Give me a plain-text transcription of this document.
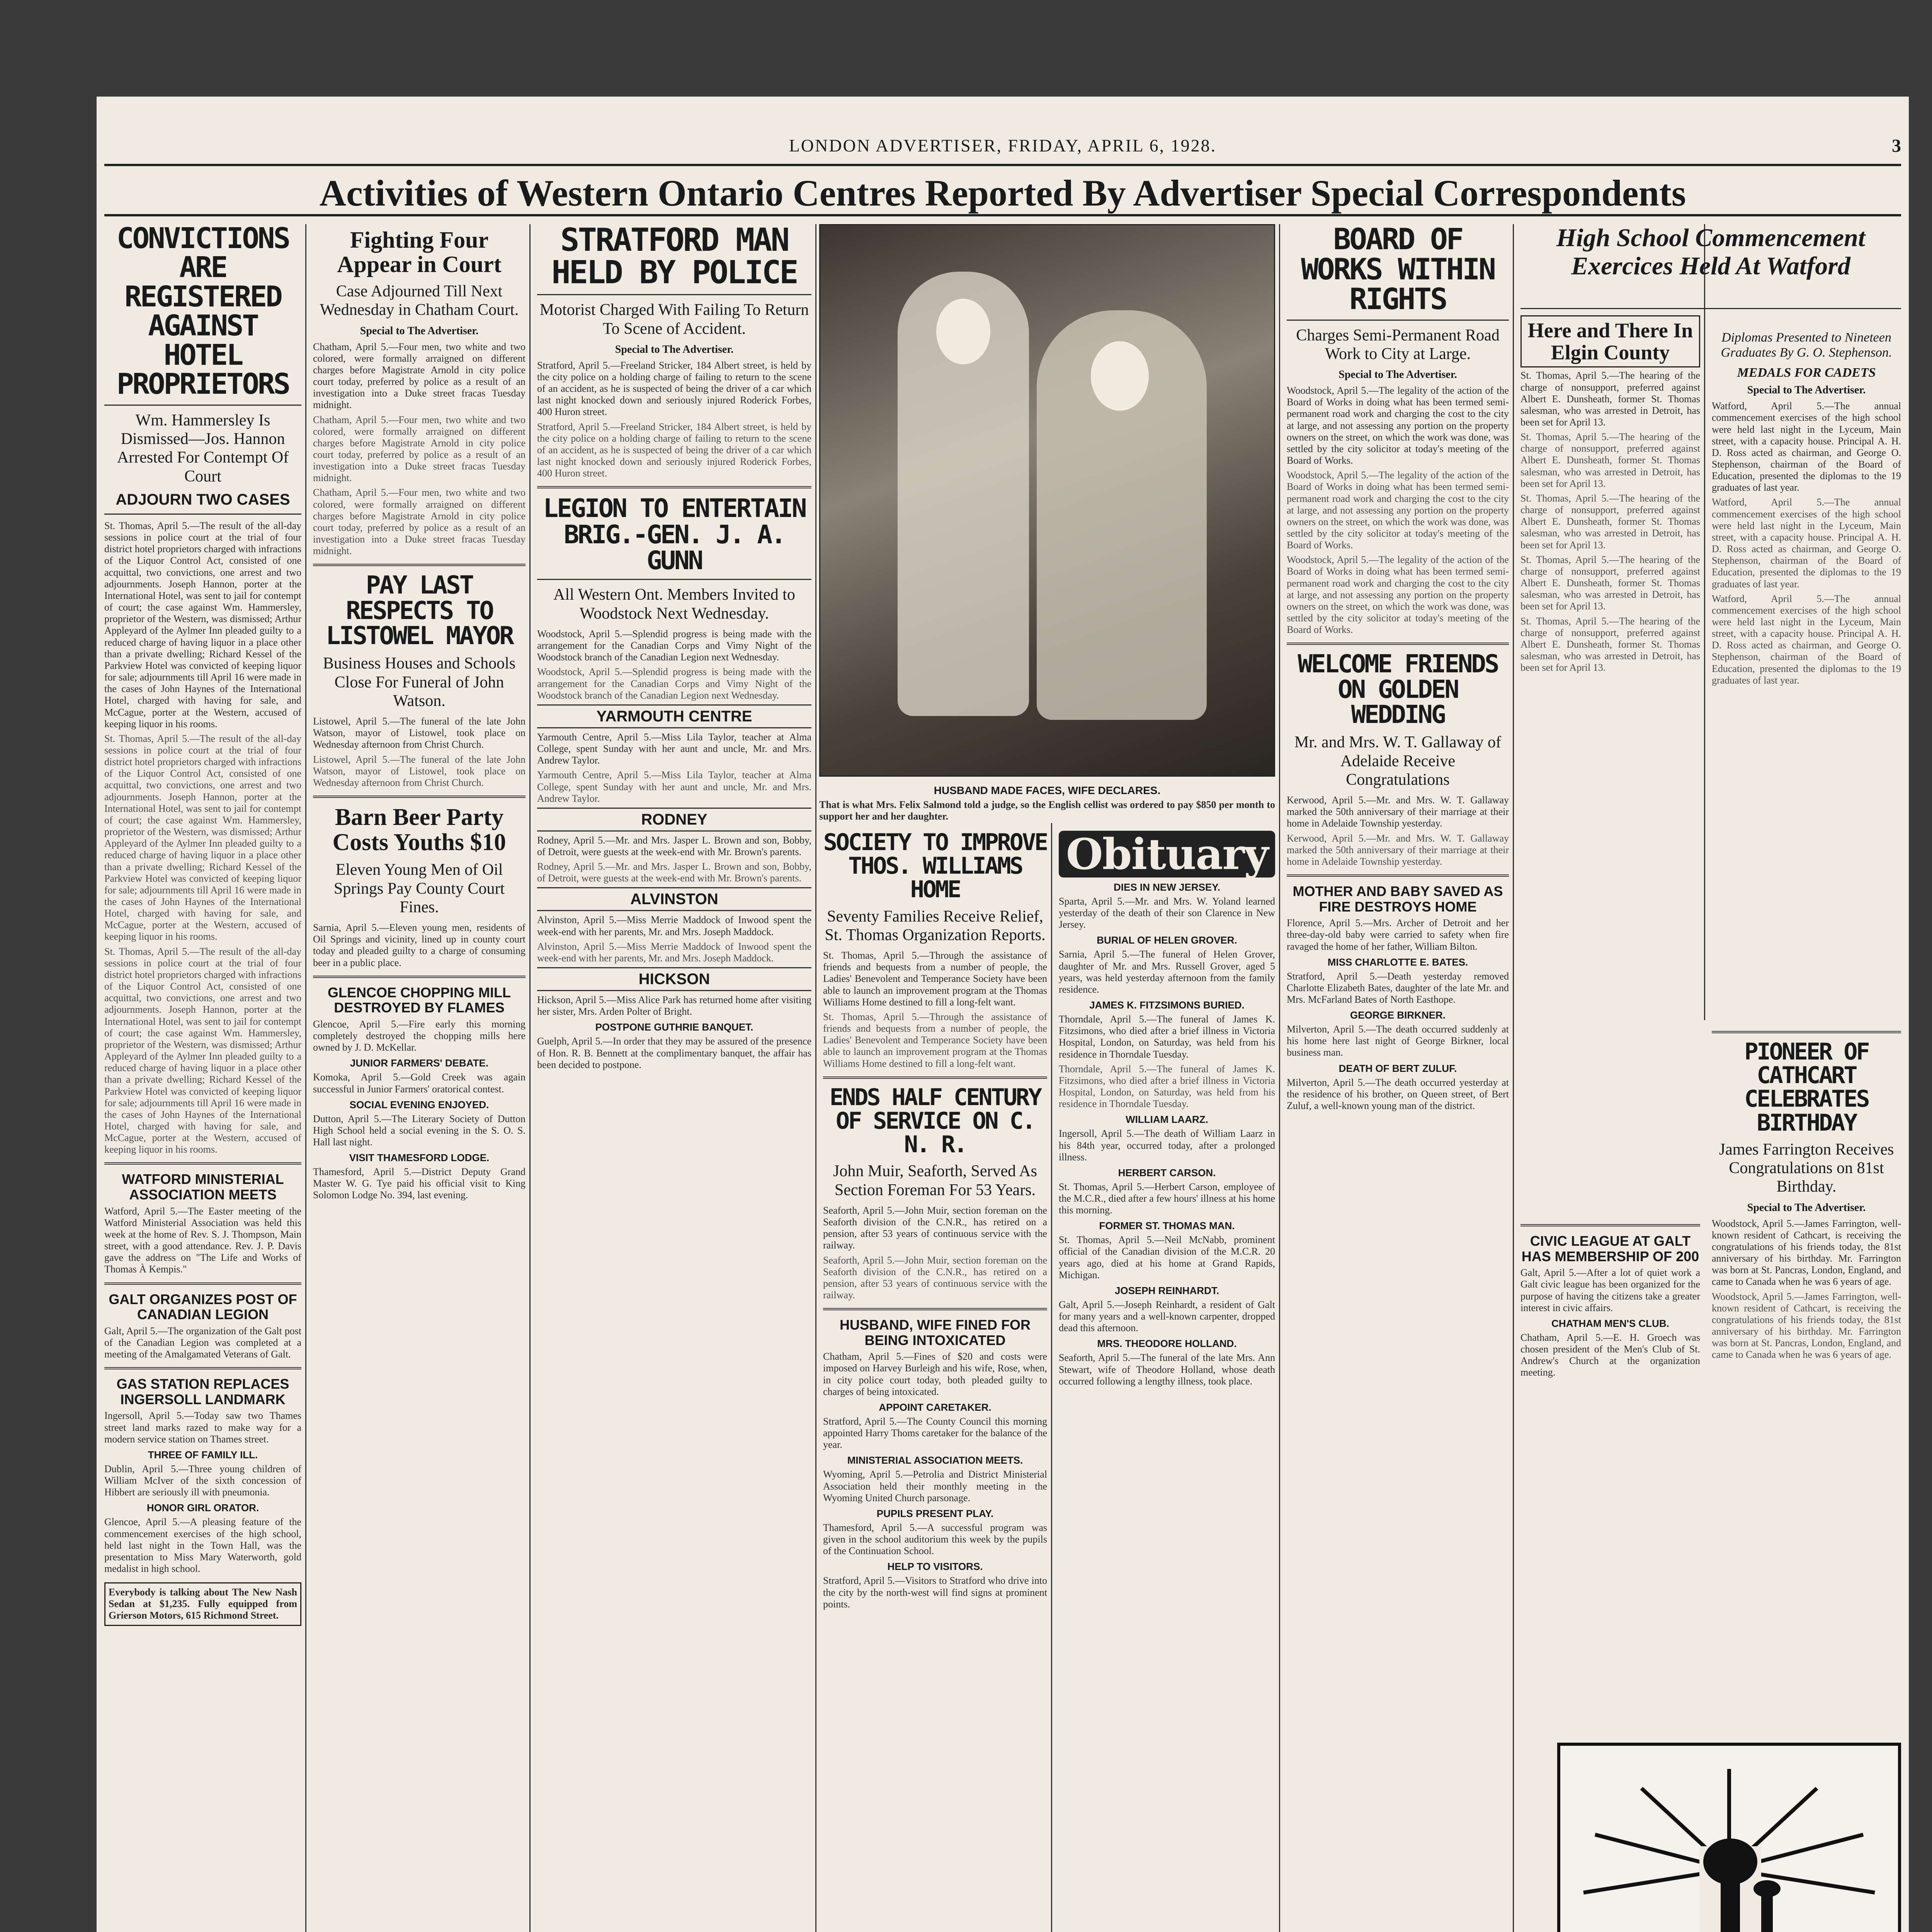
LONDON ADVERTISER, FRIDAY, APRIL 6, 1928.	3
Activities of Western Ontario Centres Reported By Advertiser Special Correspondents
CONVICTIONS ARE REGISTERED AGAINST HOTEL PROPRIETORS
Wm. Hammersley Is Dismissed—Jos. Hannon Arrested For Contempt Of Court
ADJOURN TWO CASES
St. Thomas, April 5.—The result of the all-day sessions in police court at the trial of four district hotel proprietors charged with infractions of the Liquor Control Act, consisted of one acquittal, two convictions, one arrest and two adjournments. Joseph Hannon, porter at the International Hotel, was sent to jail for contempt of court; the case against Wm. Hammersley, proprietor of the Western, was dismissed; Arthur Appleyard of the Aylmer Inn pleaded guilty to a reduced charge of having liquor in a place other than a private dwelling; Richard Kessel of the Parkview Hotel was convicted of keeping liquor for sale; adjournments till April 16 were made in the cases of John Haynes of the International Hotel, charged with having for sale, and McCague, porter at the Western, accused of keeping liquor in his rooms.
St. Thomas, April 5.—The result of the all-day sessions in police court at the trial of four district hotel proprietors charged with infractions of the Liquor Control Act, consisted of one acquittal, two convictions, one arrest and two adjournments. Joseph Hannon, porter at the International Hotel, was sent to jail for contempt of court; the case against Wm. Hammersley, proprietor of the Western, was dismissed; Arthur Appleyard of the Aylmer Inn pleaded guilty to a reduced charge of having liquor in a place other than a private dwelling; Richard Kessel of the Parkview Hotel was convicted of keeping liquor for sale; adjournments till April 16 were made in the cases of John Haynes of the International Hotel, charged with having for sale, and McCague, porter at the Western, accused of keeping liquor in his rooms.
St. Thomas, April 5.—The result of the all-day sessions in police court at the trial of four district hotel proprietors charged with infractions of the Liquor Control Act, consisted of one acquittal, two convictions, one arrest and two adjournments. Joseph Hannon, porter at the International Hotel, was sent to jail for contempt of court; the case against Wm. Hammersley, proprietor of the Western, was dismissed; Arthur Appleyard of the Aylmer Inn pleaded guilty to a reduced charge of having liquor in a place other than a private dwelling; Richard Kessel of the Parkview Hotel was convicted of keeping liquor for sale; adjournments till April 16 were made in the cases of John Haynes of the International Hotel, charged with having for sale, and McCague, porter at the Western, accused of keeping liquor in his rooms.
WATFORD MINISTERIAL ASSOCIATION MEETS
Watford, April 5.—The Easter meeting of the Watford Ministerial Association was held this week at the home of Rev. S. J. Thompson, Main street, with a good attendance. Rev. J. P. Davis gave the address on "The Life and Works of Thomas À Kempis."
GALT ORGANIZES POST OF CANADIAN LEGION
Galt, April 5.—The organization of the Galt post of the Canadian Legion was completed at a meeting of the Amalgamated Veterans of Galt.
GAS STATION REPLACES INGERSOLL LANDMARK
Ingersoll, April 5.—Today saw two Thames street land marks razed to make way for a modern service station on Thames street.
THREE OF FAMILY ILL.
Dublin, April 5.—Three young children of William McIver of the sixth concession of Hibbert are seriously ill with pneumonia.
HONOR GIRL ORATOR.
Glencoe, April 5.—A pleasing feature of the commencement exercises of the high school, held last night in the Town Hall, was the presentation to Miss Mary Waterworth, gold medalist in high school.
Everybody is talking about The New Nash Sedan at $1,235. Fully equipped from Grierson Motors, 615 Richmond Street.
Fighting Four Appear in Court
Case Adjourned Till Next Wednesday in Chatham Court.
Special to The Advertiser.
Chatham, April 5.—Four men, two white and two colored, were formally arraigned on different charges before Magistrate Arnold in city police court today, preferred by police as a result of an investigation into a Duke street fracas Tuesday midnight.
Chatham, April 5.—Four men, two white and two colored, were formally arraigned on different charges before Magistrate Arnold in city police court today, preferred by police as a result of an investigation into a Duke street fracas Tuesday midnight.
Chatham, April 5.—Four men, two white and two colored, were formally arraigned on different charges before Magistrate Arnold in city police court today, preferred by police as a result of an investigation into a Duke street fracas Tuesday midnight.
PAY LAST RESPECTS TO LISTOWEL MAYOR
Business Houses and Schools Close For Funeral of John Watson.
Listowel, April 5.—The funeral of the late John Watson, mayor of Listowel, took place on Wednesday afternoon from Christ Church.
Listowel, April 5.—The funeral of the late John Watson, mayor of Listowel, took place on Wednesday afternoon from Christ Church.
Barn Beer Party Costs Youths $10
Eleven Young Men of Oil Springs Pay County Court Fines.
Sarnia, April 5.—Eleven young men, residents of Oil Springs and vicinity, lined up in county court today and pleaded guilty to a charge of consuming beer in a public place.
GLENCOE CHOPPING MILL DESTROYED BY FLAMES
Glencoe, April 5.—Fire early this morning completely destroyed the chopping mills here owned by J. D. McKellar.
JUNIOR FARMERS' DEBATE.
Komoka, April 5.—Gold Creek was again successful in Junior Farmers' oratorical contest.
SOCIAL EVENING ENJOYED.
Dutton, April 5.—The Literary Society of Dutton High School held a social evening in the S. O. S. Hall last night.
VISIT THAMESFORD LODGE.
Thamesford, April 5.—District Deputy Grand Master W. G. Tye paid his official visit to King Solomon Lodge No. 394, last evening.
STRATFORD MAN HELD BY POLICE
Motorist Charged With Failing To Return To Scene of Accident.
Special to The Advertiser.
Stratford, April 5.—Freeland Stricker, 184 Albert street, is held by the city police on a holding charge of failing to return to the scene of an accident, as he is suspected of being the driver of a car which last night knocked down and seriously injured Roderick Forbes, 400 Huron street.
Stratford, April 5.—Freeland Stricker, 184 Albert street, is held by the city police on a holding charge of failing to return to the scene of an accident, as he is suspected of being the driver of a car which last night knocked down and seriously injured Roderick Forbes, 400 Huron street.
LEGION TO ENTERTAIN BRIG.-GEN. J. A. GUNN
All Western Ont. Members Invited to Woodstock Next Wednesday.
Woodstock, April 5.—Splendid progress is being made with the arrangement for the Canadian Corps and Vimy Night of the Woodstock branch of the Canadian Legion next Wednesday.
Woodstock, April 5.—Splendid progress is being made with the arrangement for the Canadian Corps and Vimy Night of the Woodstock branch of the Canadian Legion next Wednesday.
YARMOUTH CENTRE
Yarmouth Centre, April 5.—Miss Lila Taylor, teacher at Alma College, spent Sunday with her aunt and uncle, Mr. and Mrs. Andrew Taylor.
Yarmouth Centre, April 5.—Miss Lila Taylor, teacher at Alma College, spent Sunday with her aunt and uncle, Mr. and Mrs. Andrew Taylor.
RODNEY
Rodney, April 5.—Mr. and Mrs. Jasper L. Brown and son, Bobby, of Detroit, were guests at the week-end with Mr. Brown's parents.
Rodney, April 5.—Mr. and Mrs. Jasper L. Brown and son, Bobby, of Detroit, were guests at the week-end with Mr. Brown's parents.
ALVINSTON
Alvinston, April 5.—Miss Merrie Maddock of Inwood spent the week-end with her parents, Mr. and Mrs. Joseph Maddock.
Alvinston, April 5.—Miss Merrie Maddock of Inwood spent the week-end with her parents, Mr. and Mrs. Joseph Maddock.
HICKSON
Hickson, April 5.—Miss Alice Park has returned home after visiting her sister, Mrs. Arden Polter of Bright.
POSTPONE GUTHRIE BANQUET.
Guelph, April 5.—In order that they may be assured of the presence of Hon. R. B. Bennett at the complimentary banquet, the affair has been decided to postpone.
HUSBAND MADE FACES, WIFE DECLARES.
That is what Mrs. Felix Salmond told a judge, so the English cellist was ordered to pay $850 per month to support her and her daughter.
SOCIETY TO IMPROVE THOS. WILLIAMS HOME
Seventy Families Receive Relief, St. Thomas Organization Reports.
St. Thomas, April 5.—Through the assistance of friends and bequests from a number of people, the Ladies' Benevolent and Temperance Society have been able to launch an improvement program at the Thomas Williams Home destined to fill a long-felt want.
St. Thomas, April 5.—Through the assistance of friends and bequests from a number of people, the Ladies' Benevolent and Temperance Society have been able to launch an improvement program at the Thomas Williams Home destined to fill a long-felt want.
ENDS HALF CENTURY OF SERVICE ON C. N. R.
John Muir, Seaforth, Served As Section Foreman For 53 Years.
Seaforth, April 5.—John Muir, section foreman on the Seaforth division of the C.N.R., has retired on a pension, after 53 years of continuous service with the railway.
Seaforth, April 5.—John Muir, section foreman on the Seaforth division of the C.N.R., has retired on a pension, after 53 years of continuous service with the railway.
HUSBAND, WIFE FINED FOR BEING INTOXICATED
Chatham, April 5.—Fines of $20 and costs were imposed on Harvey Burleigh and his wife, Rose, when, in city police court today, both pleaded guilty to charges of being intoxicated.
APPOINT CARETAKER.
Stratford, April 5.—The County Council this morning appointed Harry Thoms caretaker for the balance of the year.
MINISTERIAL ASSOCIATION MEETS.
Wyoming, April 5.—Petrolia and District Ministerial Association held their monthly meeting in the Wyoming United Church parsonage.
PUPILS PRESENT PLAY.
Thamesford, April 5.—A successful program was given in the school auditorium this week by the pupils of the Continuation School.
HELP TO VISITORS.
Stratford, April 5.—Visitors to Stratford who drive into the city by the north-west will find signs at prominent points.
Obituary
DIES IN NEW JERSEY.
Sparta, April 5.—Mr. and Mrs. W. Yoland learned yesterday of the death of their son Clarence in New Jersey.
BURIAL OF HELEN GROVER.
Sarnia, April 5.—The funeral of Helen Grover, daughter of Mr. and Mrs. Russell Grover, aged 5 years, was held yesterday afternoon from the family residence.
JAMES K. FITZSIMONS BURIED.
Thorndale, April 5.—The funeral of James K. Fitzsimons, who died after a brief illness in Victoria Hospital, London, on Saturday, was held from his residence in Thorndale Tuesday.
Thorndale, April 5.—The funeral of James K. Fitzsimons, who died after a brief illness in Victoria Hospital, London, on Saturday, was held from his residence in Thorndale Tuesday.
WILLIAM LAARZ.
Ingersoll, April 5.—The death of William Laarz in his 84th year, occurred today, after a prolonged illness.
HERBERT CARSON.
St. Thomas, April 5.—Herbert Carson, employee of the M.C.R., died after a few hours' illness at his home this morning.
FORMER ST. THOMAS MAN.
St. Thomas, April 5.—Neil McNabb, prominent official of the Canadian division of the M.C.R. 20 years ago, died at his home at Grand Rapids, Michigan.
JOSEPH REINHARDT.
Galt, April 5.—Joseph Reinhardt, a resident of Galt for many years and a well-known carpenter, dropped dead this afternoon.
MRS. THEODORE HOLLAND.
Seaforth, April 5.—The funeral of the late Mrs. Ann Stewart, wife of Theodore Holland, whose death occurred following a lengthy illness, took place.
BOARD OF WORKS WITHIN RIGHTS
Charges Semi-Permanent Road Work to City at Large.
Special to The Advertiser.
Woodstock, April 5.—The legality of the action of the Board of Works in doing what has been termed semi-permanent road work and charging the cost to the city at large, and not assessing any portion on the property owners on the street, on which the work was done, was settled by the city solicitor at today's meeting of the Board of Works.
Woodstock, April 5.—The legality of the action of the Board of Works in doing what has been termed semi-permanent road work and charging the cost to the city at large, and not assessing any portion on the property owners on the street, on which the work was done, was settled by the city solicitor at today's meeting of the Board of Works.
Woodstock, April 5.—The legality of the action of the Board of Works in doing what has been termed semi-permanent road work and charging the cost to the city at large, and not assessing any portion on the property owners on the street, on which the work was done, was settled by the city solicitor at today's meeting of the Board of Works.
WELCOME FRIENDS ON GOLDEN WEDDING
Mr. and Mrs. W. T. Gallaway of Adelaide Receive Congratulations
Kerwood, April 5.—Mr. and Mrs. W. T. Gallaway marked the 50th anniversary of their marriage at their home in Adelaide Township yesterday.
Kerwood, April 5.—Mr. and Mrs. W. T. Gallaway marked the 50th anniversary of their marriage at their home in Adelaide Township yesterday.
MOTHER AND BABY SAVED AS FIRE DESTROYS HOME
Florence, April 5.—Mrs. Archer of Detroit and her three-day-old baby were carried to safety when fire ravaged the home of her father, William Bilton.
MISS CHARLOTTE E. BATES.
Stratford, April 5.—Death yesterday removed Charlotte Elizabeth Bates, daughter of the late Mr. and Mrs. McFarland Bates of North Easthope.
GEORGE BIRKNER.
Milverton, April 5.—The death occurred suddenly at his home here last night of George Birkner, local business man.
DEATH OF BERT ZULUF.
Milverton, April 5.—The death occurred yesterday at the residence of his brother, on Queen street, of Bert Zuluf, a well-known young man of the district.
Here and There In Elgin County
St. Thomas, April 5.—The hearing of the charge of nonsupport, preferred against Albert E. Dunsheath, former St. Thomas salesman, who was arrested in Detroit, has been set for April 13.
St. Thomas, April 5.—The hearing of the charge of nonsupport, preferred against Albert E. Dunsheath, former St. Thomas salesman, who was arrested in Detroit, has been set for April 13.
St. Thomas, April 5.—The hearing of the charge of nonsupport, preferred against Albert E. Dunsheath, former St. Thomas salesman, who was arrested in Detroit, has been set for April 13.
St. Thomas, April 5.—The hearing of the charge of nonsupport, preferred against Albert E. Dunsheath, former St. Thomas salesman, who was arrested in Detroit, has been set for April 13.
St. Thomas, April 5.—The hearing of the charge of nonsupport, preferred against Albert E. Dunsheath, former St. Thomas salesman, who was arrested in Detroit, has been set for April 13.
Diplomas Presented to Nineteen Graduates By G. O. Stephenson.
MEDALS FOR CADETS
Special to The Advertiser.
Watford, April 5.—The annual commencement exercises of the high school were held last night in the Lyceum, Main street, with a capacity house. Principal A. H. D. Ross acted as chairman, and George O. Stephenson, chairman of the Board of Education, presented the diplomas to the 19 graduates of last year.
Watford, April 5.—The annual commencement exercises of the high school were held last night in the Lyceum, Main street, with a capacity house. Principal A. H. D. Ross acted as chairman, and George O. Stephenson, chairman of the Board of Education, presented the diplomas to the 19 graduates of last year.
Watford, April 5.—The annual commencement exercises of the high school were held last night in the Lyceum, Main street, with a capacity house. Principal A. H. D. Ross acted as chairman, and George O. Stephenson, chairman of the Board of Education, presented the diplomas to the 19 graduates of last year.
High School Commencement Exercices Held At Watford
PIONEER OF CATHCART CELEBRATES BIRTHDAY
James Farrington Receives Congratulations on 81st Birthday.
Special to The Advertiser.
Woodstock, April 5.—James Farrington, well-known resident of Cathcart, is receiving the congratulations of his friends today, the 81st anniversary of his birthday. Mr. Farrington was born at St. Pancras, London, England, and came to Canada when he was 6 years of age.
Woodstock, April 5.—James Farrington, well-known resident of Cathcart, is receiving the congratulations of his friends today, the 81st anniversary of his birthday. Mr. Farrington was born at St. Pancras, London, England, and came to Canada when he was 6 years of age.
CIVIC LEAGUE AT GALT HAS MEMBERSHIP OF 200
Galt, April 5.—After a lot of quiet work a Galt civic league has been organized for the purpose of having the citizens take a greater interest in civic affairs.
CHATHAM MEN'S CLUB.
Chatham, April 5.—E. H. Groech was chosen president of the Men's Club of St. Andrew's Church at the organization meeting.
